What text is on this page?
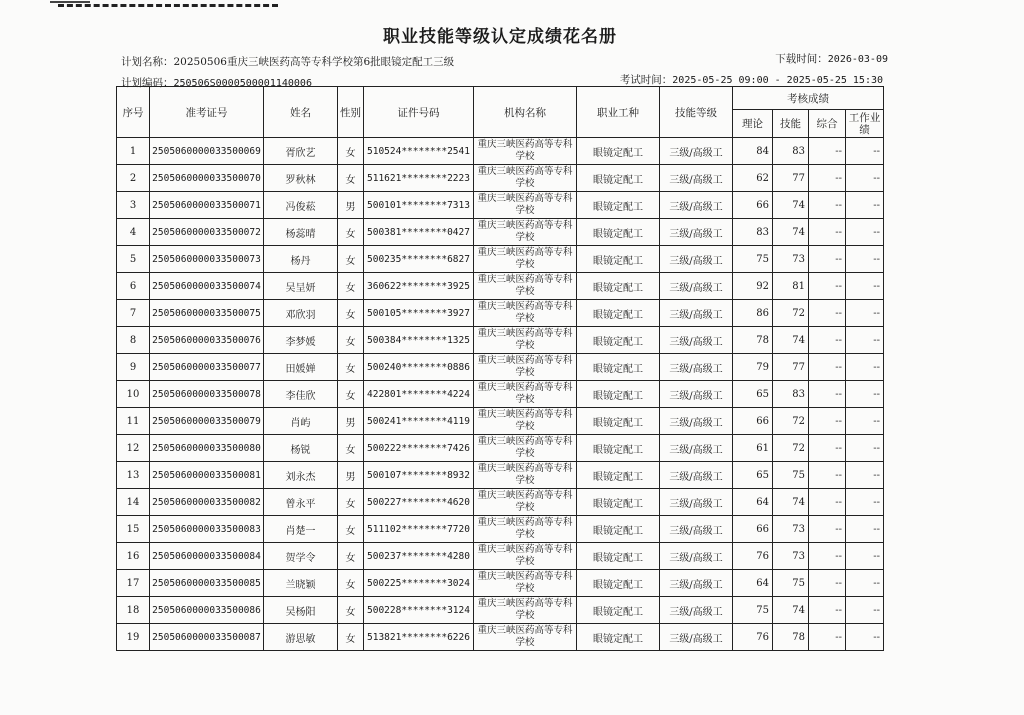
职业技能等级认定成绩花名册
计划名称：20250506重庆三峡医药高等专科学校第6批眼镜定配工三级
计划编码：250506S0000500001140006
下载时间：2026-03-09
考试时间：2025-05-25 09:00 - 2025-05-25 15:30
序号	准考证号	姓名	性别	证件号码	机构名称	职业工种	技能等级	考核成绩			
								理论	技能	综合	工作业绩
1	2505060000033500069	胥欣艺	女	510524********2541	重庆三峡医药高等专科学校	眼镜定配工	三级/高级工	84	83	--	--
2	2505060000033500070	罗秋林	女	511621********2223	重庆三峡医药高等专科学校	眼镜定配工	三级/高级工	62	77	--	--
3	2505060000033500071	冯俊菘	男	500101********7313	重庆三峡医药高等专科学校	眼镜定配工	三级/高级工	66	74	--	--
4	2505060000033500072	杨蕊晴	女	500381********0427	重庆三峡医药高等专科学校	眼镜定配工	三级/高级工	83	74	--	--
5	2505060000033500073	杨丹	女	500235********6827	重庆三峡医药高等专科学校	眼镜定配工	三级/高级工	75	73	--	--
6	2505060000033500074	吴呈妍	女	360622********3925	重庆三峡医药高等专科学校	眼镜定配工	三级/高级工	92	81	--	--
7	2505060000033500075	邓欣羽	女	500105********3927	重庆三峡医药高等专科学校	眼镜定配工	三级/高级工	86	72	--	--
8	2505060000033500076	李梦媛	女	500384********1325	重庆三峡医药高等专科学校	眼镜定配工	三级/高级工	78	74	--	--
9	2505060000033500077	田媛婵	女	500240********0886	重庆三峡医药高等专科学校	眼镜定配工	三级/高级工	79	77	--	--
10	2505060000033500078	李佳欣	女	422801********4224	重庆三峡医药高等专科学校	眼镜定配工	三级/高级工	65	83	--	--
11	2505060000033500079	肖屿	男	500241********4119	重庆三峡医药高等专科学校	眼镜定配工	三级/高级工	66	72	--	--
12	2505060000033500080	杨锐	女	500222********7426	重庆三峡医药高等专科学校	眼镜定配工	三级/高级工	61	72	--	--
13	2505060000033500081	刘永杰	男	500107********8932	重庆三峡医药高等专科学校	眼镜定配工	三级/高级工	65	75	--	--
14	2505060000033500082	曾永平	女	500227********4620	重庆三峡医药高等专科学校	眼镜定配工	三级/高级工	64	74	--	--
15	2505060000033500083	肖楚一	女	511102********7720	重庆三峡医药高等专科学校	眼镜定配工	三级/高级工	66	73	--	--
16	2505060000033500084	贺学令	女	500237********4280	重庆三峡医药高等专科学校	眼镜定配工	三级/高级工	76	73	--	--
17	2505060000033500085	兰晓颖	女	500225********3024	重庆三峡医药高等专科学校	眼镜定配工	三级/高级工	64	75	--	--
18	2505060000033500086	吴杨阳	女	500228********3124	重庆三峡医药高等专科学校	眼镜定配工	三级/高级工	75	74	--	--
19	2505060000033500087	游思敏	女	513821********6226	重庆三峡医药高等专科学校	眼镜定配工	三级/高级工	76	78	--	--
